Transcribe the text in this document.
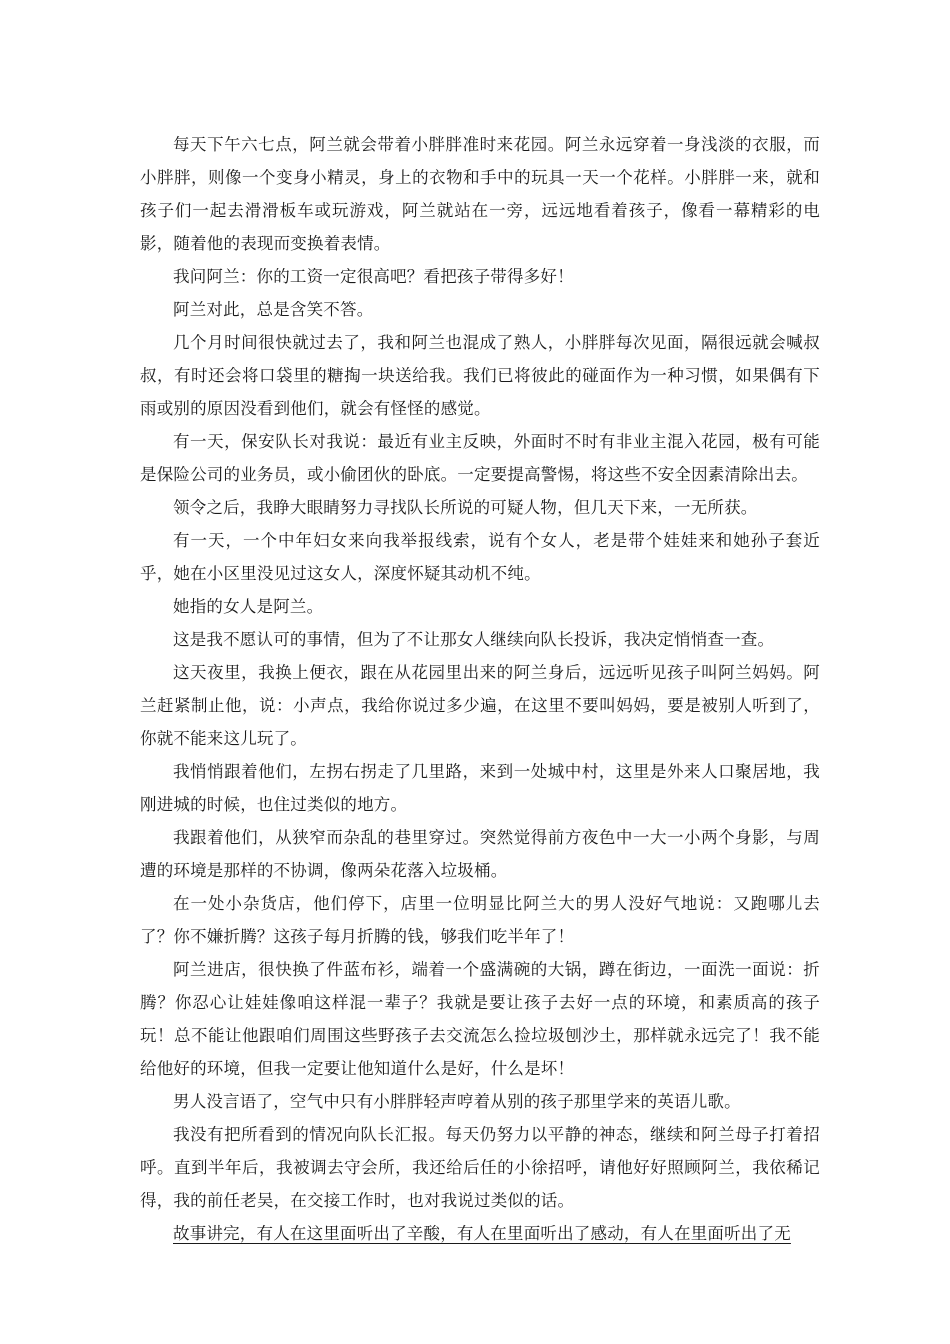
每天下午六七点，阿兰就会带着小胖胖准时来花园。阿兰永远穿着一身浅淡的衣服，而小胖胖，则像一个变身小精灵，身上的衣物和手中的玩具一天一个花样。小胖胖一来，就和孩子们一起去滑滑板车或玩游戏，阿兰就站在一旁，远远地看着孩子，像看一幕精彩的电影，随着他的表现而变换着表情。

我问阿兰：你的工资一定很高吧？看把孩子带得多好！

阿兰对此，总是含笑不答。

几个月时间很快就过去了，我和阿兰也混成了熟人，小胖胖每次见面，隔很远就会喊叔叔，有时还会将口袋里的糖掏一块送给我。我们已将彼此的碰面作为一种习惯，如果偶有下雨或别的原因没看到他们，就会有怪怪的感觉。

有一天，保安队长对我说：最近有业主反映，外面时不时有非业主混入花园，极有可能是保险公司的业务员，或小偷团伙的卧底。一定要提高警惕，将这些不安全因素清除出去。

领令之后，我睁大眼睛努力寻找队长所说的可疑人物，但几天下来，一无所获。

有一天，一个中年妇女来向我举报线索，说有个女人，老是带个娃娃来和她孙子套近乎，她在小区里没见过这女人，深度怀疑其动机不纯。

她指的女人是阿兰。

这是我不愿认可的事情，但为了不让那女人继续向队长投诉，我决定悄悄查一查。

这天夜里，我换上便衣，跟在从花园里出来的阿兰身后，远远听见孩子叫阿兰妈妈。阿兰赶紧制止他，说：小声点，我给你说过多少遍，在这里不要叫妈妈，要是被别人听到了，你就不能来这儿玩了。

我悄悄跟着他们，左拐右拐走了几里路，来到一处城中村，这里是外来人口聚居地，我刚进城的时候，也住过类似的地方。

我跟着他们，从狭窄而杂乱的巷里穿过。突然觉得前方夜色中一大一小两个身影，与周遭的环境是那样的不协调，像两朵花落入垃圾桶。

在一处小杂货店，他们停下，店里一位明显比阿兰大的男人没好气地说：又跑哪儿去了？你不嫌折腾？这孩子每月折腾的钱，够我们吃半年了！

阿兰进店，很快换了件蓝布衫，端着一个盛满碗的大锅，蹲在街边，一面洗一面说：折腾？你忍心让娃娃像咱这样混一辈子？我就是要让孩子去好一点的环境，和素质高的孩子玩！总不能让他跟咱们周围这些野孩子去交流怎么捡垃圾刨沙土，那样就永远完了！我不能给他好的环境，但我一定要让他知道什么是好，什么是坏！

男人没言语了，空气中只有小胖胖轻声哼着从别的孩子那里学来的英语儿歌。

我没有把所看到的情况向队长汇报。每天仍努力以平静的神态，继续和阿兰母子打着招呼。直到半年后，我被调去守会所，我还给后任的小徐招呼，请他好好照顾阿兰，我依稀记得，我的前任老吴，在交接工作时，也对我说过类似的话。

故事讲完，有人在这里面听出了辛酸，有人在里面听出了感动，有人在里面听出了无
